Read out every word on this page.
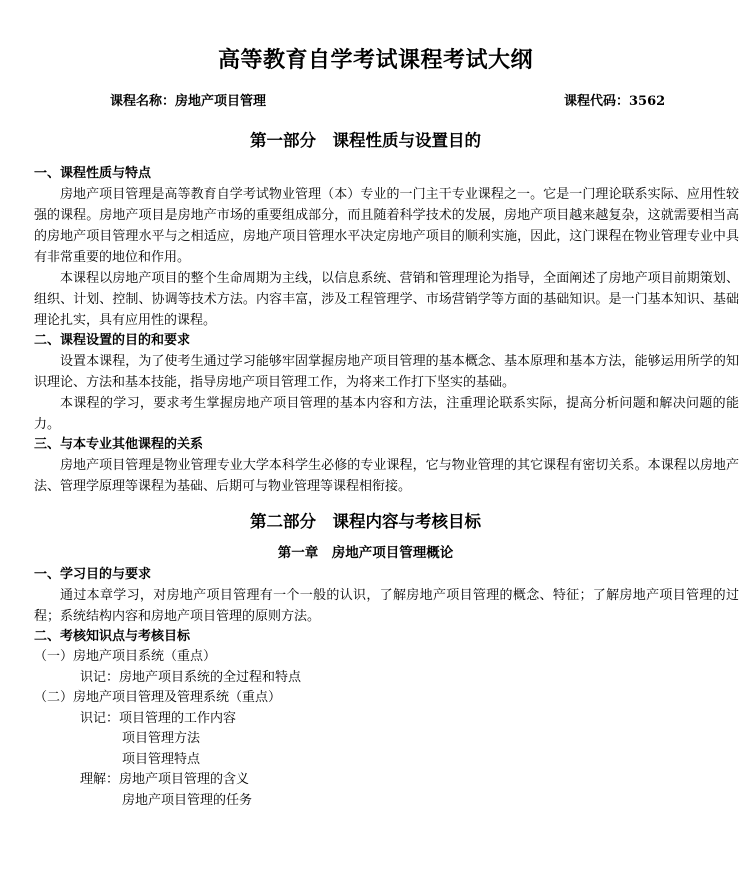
高等教育自学考试课程考试大纲
课程名称：房地产项目管理	课程代码：3562
第一部分　课程性质与设置目的
一、课程性质与特点

房地产项目管理是高等教育自学考试物业管理（本）专业的一门主干专业课程之一。它是一门理论联系实际、应用性较强的课程。房地产项目是房地产市场的重要组成部分，而且随着科学技术的发展，房地产项目越来越复杂，这就需要相当高的房地产项目管理水平与之相适应，房地产项目管理水平决定房地产项目的顺利实施，因此，这门课程在物业管理专业中具有非常重要的地位和作用。

本课程以房地产项目的整个生命周期为主线，以信息系统、营销和管理理论为指导，全面阐述了房地产项目前期策划、组织、计划、控制、协调等技术方法。内容丰富，涉及工程管理学、市场营销学等方面的基础知识。是一门基本知识、基础理论扎实，具有应用性的课程。

二、课程设置的目的和要求

设置本课程，为了使考生通过学习能够牢固掌握房地产项目管理的基本概念、基本原理和基本方法，能够运用所学的知识理论、方法和基本技能，指导房地产项目管理工作，为将来工作打下坚实的基础。

本课程的学习，要求考生掌握房地产项目管理的基本内容和方法，注重理论联系实际，提高分析问题和解决问题的能力。

三、与本专业其他课程的关系

房地产项目管理是物业管理专业大学本科学生必修的专业课程，它与物业管理的其它课程有密切关系。本课程以房地产法、管理学原理等课程为基础、后期可与物业管理等课程相衔接。

第二部分　课程内容与考核目标
第一章　房地产项目管理概论
一、学习目的与要求

通过本章学习，对房地产项目管理有一个一般的认识，了解房地产项目管理的概念、特征；了解房地产项目管理的过程；系统结构内容和房地产项目管理的原则方法。

二、考核知识点与考核目标
（一）房地产项目系统（重点）
识记：房地产项目系统的全过程和特点
（二）房地产项目管理及管理系统（重点）
识记：项目管理的工作内容
项目管理方法
项目管理特点
理解：房地产项目管理的含义
房地产项目管理的任务
